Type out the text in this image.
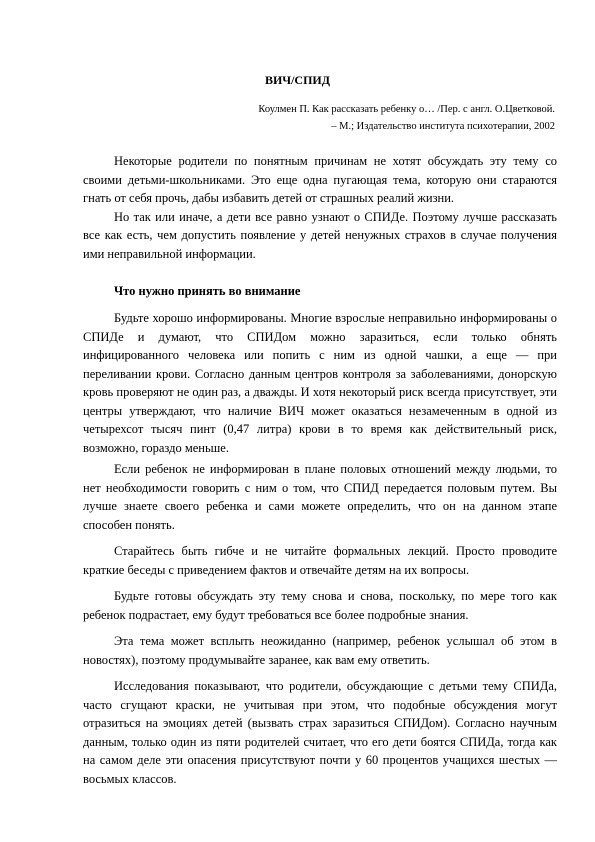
ВИЧ/СПИД
Коулмен П. Как рассказать ребенку о… /Пер. с англ. О.Цветковой.
– М.; Издательство института психотерапии, 2002

Некоторые родители по понятным причинам не хотят обсуждать эту тему со своими детьми-школьниками. Это еще одна пугающая тема, которую они стараются гнать от себя прочь, дабы избавить детей от страшных реалий жизни.

Но так или иначе, а дети все равно узнают о СПИДе. Поэтому лучше рассказать все как есть, чем допустить появление у детей ненужных страхов в случае получения ими неправильной информации.

Что нужно принять во внимание

Будьте хорошо информированы. Многие взрослые неправильно информированы о СПИДе и думают, что СПИДом можно заразиться, если только обнять инфицированного человека или попить с ним из одной чашки, а еще — при переливании крови. Согласно данным центров контроля за заболеваниями, донорскую кровь проверяют не один раз, а дважды. И хотя некоторый риск всегда присутствует, эти центры утверждают, что наличие ВИЧ может оказаться незамеченным в одной из четырехсот тысяч пинт (0,47 литра) крови в то время как действительный риск, возможно, гораздо меньше.

Если ребенок не информирован в плане половых отношений между людьми, то нет необходимости говорить с ним о том, что СПИД передается половым путем. Вы лучше знаете своего ребенка и сами можете определить, что он на данном этапе способен понять.

Старайтесь быть гибче и не читайте формальных лекций. Просто проводите краткие беседы с приведением фактов и отвечайте детям на их вопросы.

Будьте готовы обсуждать эту тему снова и снова, поскольку, по мере того как ребенок подрастает, ему будут требоваться все более подробные знания.

Эта тема может всплыть неожиданно (например, ребенок услышал об этом в новостях), поэтому продумывайте заранее, как вам ему ответить.

Исследования показывают, что родители, обсуждающие с детьми тему СПИДа, часто сгущают краски, не учитывая при этом, что подобные обсуждения могут отразиться на эмоциях детей (вызвать страх заразиться СПИДом). Согласно научным данным, только один из пяти родителей считает, что его дети боятся СПИДа, тогда как на самом деле эти опасения присутствуют почти у 60 процентов учащихся шестых — восьмых классов.
